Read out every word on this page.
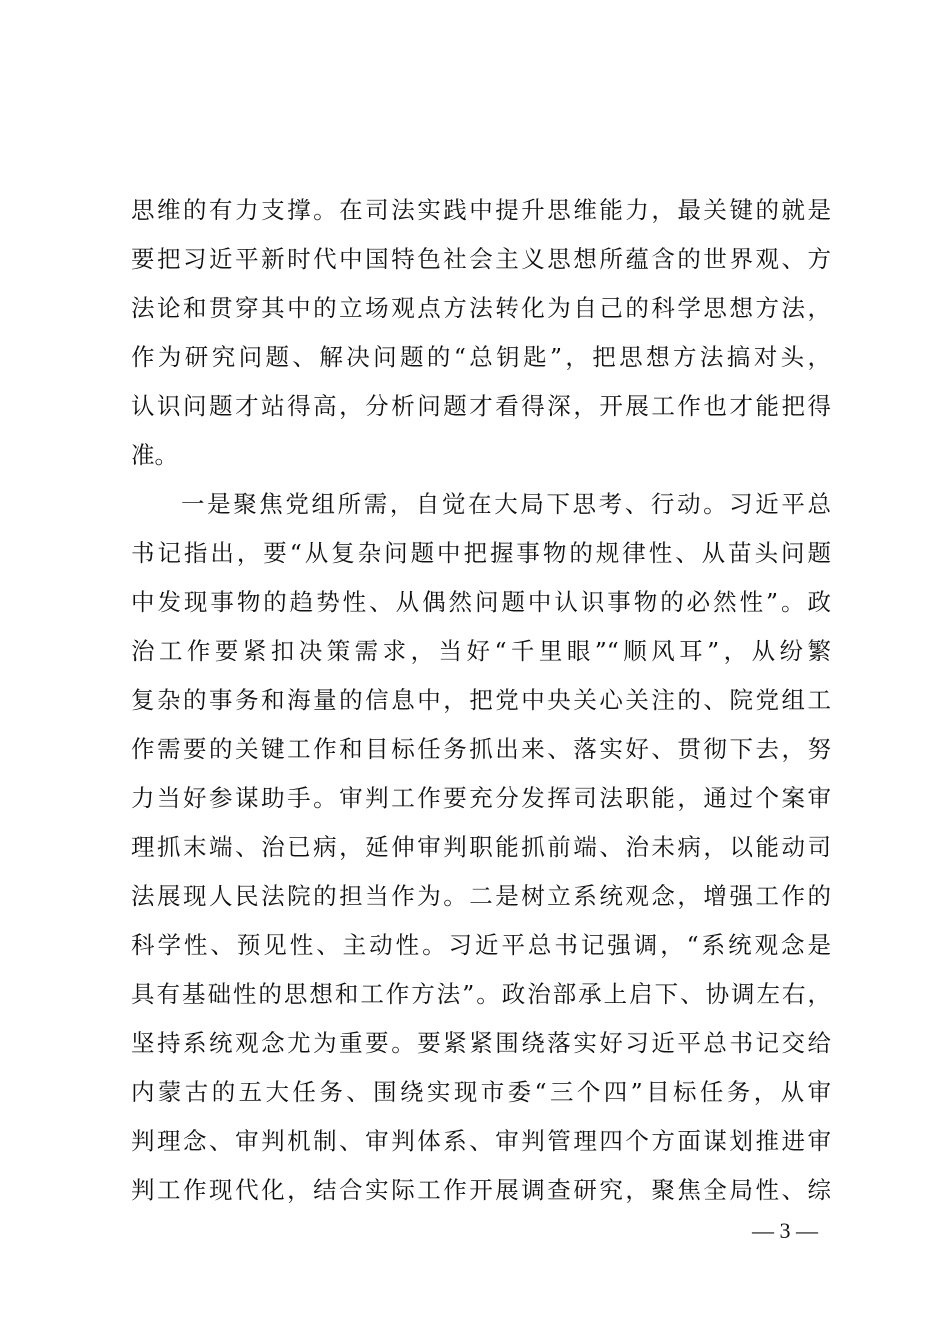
思维的有力支撑。在司法实践中提升思维能力，最关键的就是
要把习近平新时代中国特色社会主义思想所蕴含的世界观、方
法论和贯穿其中的立场观点方法转化为自己的科学思想方法，
作为研究问题、解决问题的“总钥匙”，把思想方法搞对头，
认识问题才站得高，分析问题才看得深，开展工作也才能把得
准。
一是聚焦党组所需，自觉在大局下思考、行动。习近平总
书记指出，要“从复杂问题中把握事物的规律性、从苗头问题
中发现事物的趋势性、从偶然问题中认识事物的必然性”。政
治工作要紧扣决策需求，当好“千里眼”“顺风耳”，从纷繁
复杂的事务和海量的信息中，把党中央关心关注的、院党组工
作需要的关键工作和目标任务抓出来、落实好、贯彻下去，努
力当好参谋助手。审判工作要充分发挥司法职能，通过个案审
理抓末端、治已病，延伸审判职能抓前端、治未病，以能动司
法展现人民法院的担当作为。二是树立系统观念，增强工作的
科学性、预见性、主动性。习近平总书记强调，“系统观念是
具有基础性的思想和工作方法”。政治部承上启下、协调左右，
坚持系统观念尤为重要。要紧紧围绕落实好习近平总书记交给
内蒙古的五大任务、围绕实现市委“三个四”目标任务，从审
判理念、审判机制、审判体系、审判管理四个方面谋划推进审
判工作现代化，结合实际工作开展调查研究，聚焦全局性、综
— 3 —
